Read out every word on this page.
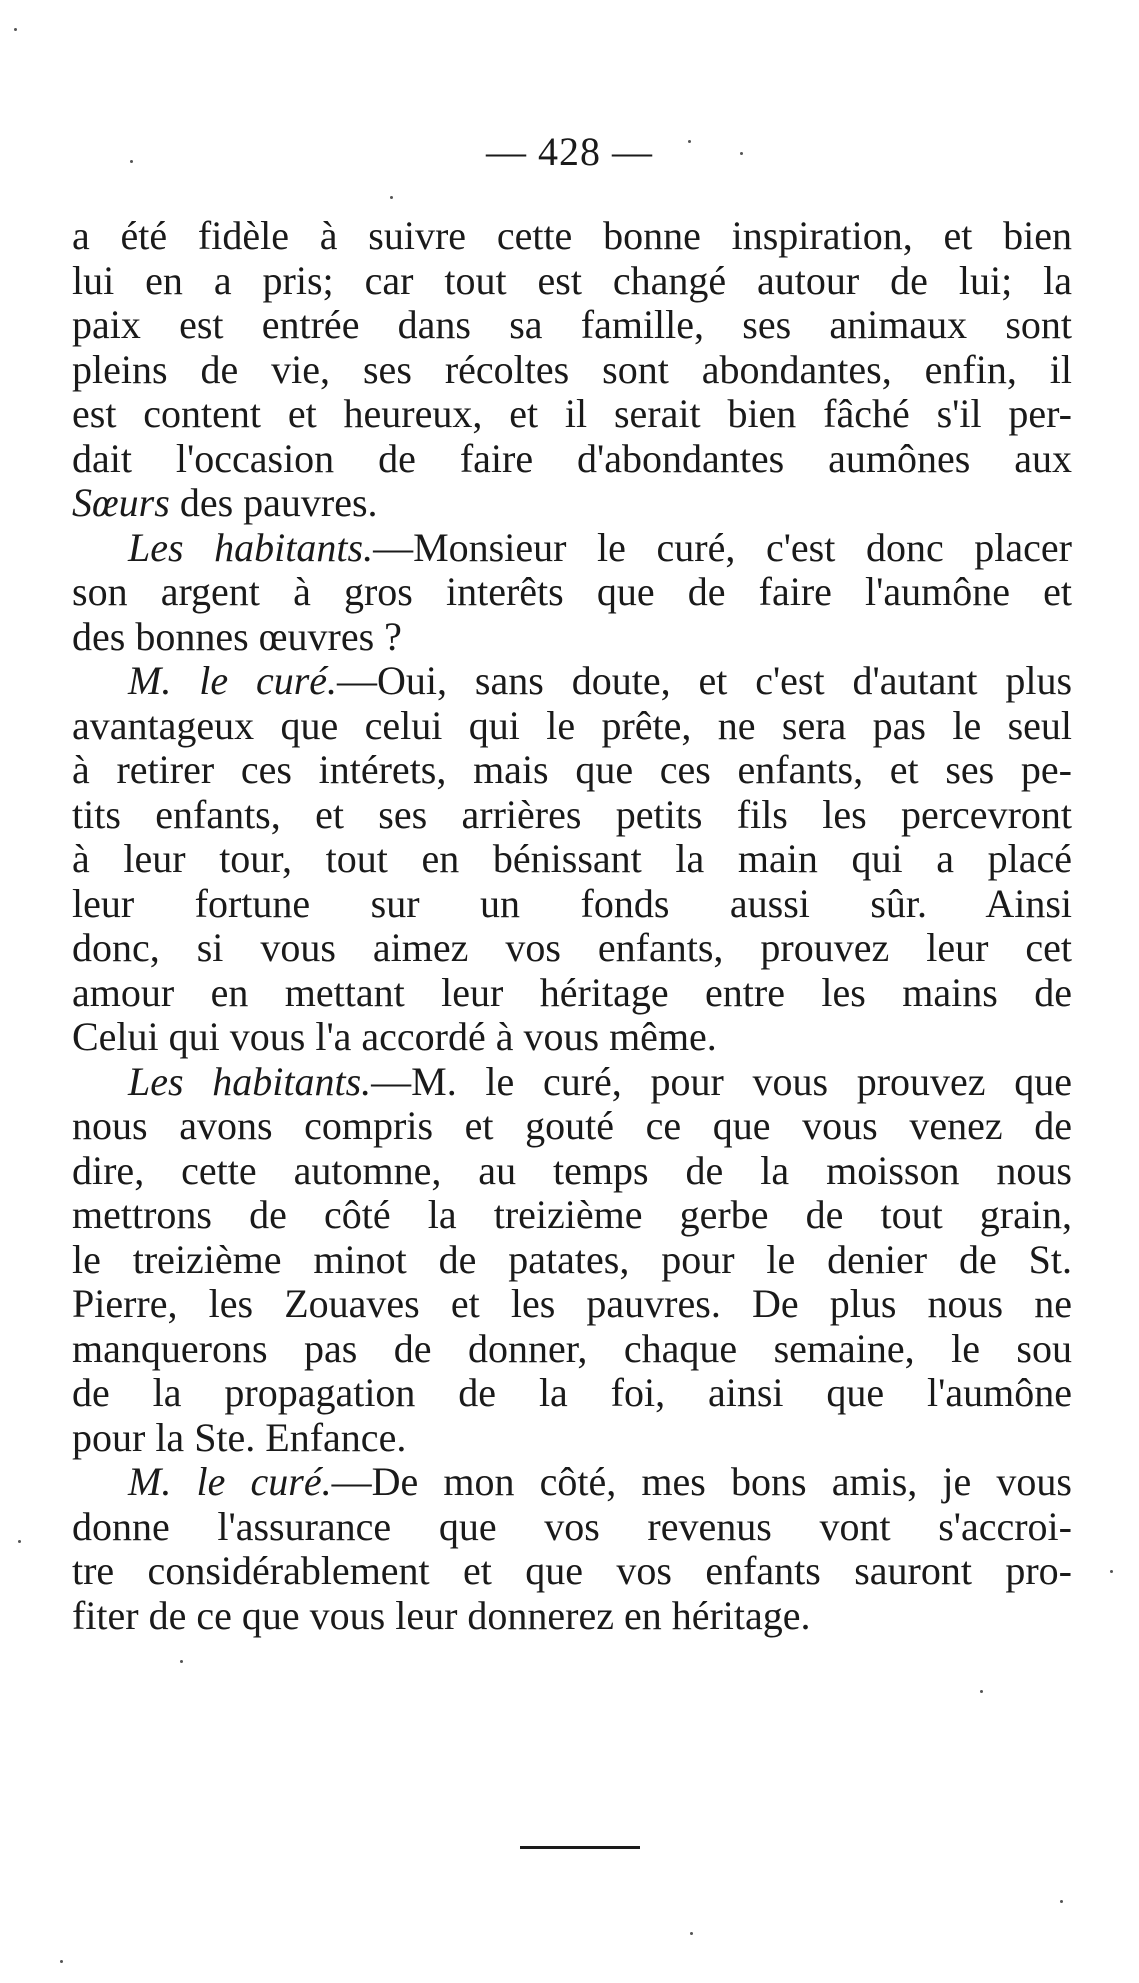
— 428 —
a été fidèle à suivre cette bonne inspiration, et bien
lui en a pris; car tout est changé autour de lui; la
paix est entrée dans sa famille, ses animaux sont
pleins de vie, ses récoltes sont abondantes, enfin, il
est content et heureux, et il serait bien fâché s'il per-
dait l'occasion de faire d'abondantes aumônes aux
Sœurs des pauvres.
Les habitants.—Monsieur le curé, c'est donc placer
son argent à gros interêts que de faire l'aumône et
des bonnes œuvres ?
M. le curé.—Oui, sans doute, et c'est d'autant plus
avantageux que celui qui le prête, ne sera pas le seul
à retirer ces intérets, mais que ces enfants, et ses pe-
tits enfants, et ses arrières petits fils les percevront
à leur tour, tout en bénissant la main qui a placé
leur fortune sur un fonds aussi sûr. Ainsi
donc, si vous aimez vos enfants, prouvez leur cet
amour en mettant leur héritage entre les mains de
Celui qui vous l'a accordé à vous même.
Les habitants.—M. le curé, pour vous prouvez que
nous avons compris et gouté ce que vous venez de
dire, cette automne, au temps de la moisson nous
mettrons de côté la treizième gerbe de tout grain,
le treizième minot de patates, pour le denier de St.
Pierre, les Zouaves et les pauvres. De plus nous ne
manquerons pas de donner, chaque semaine, le sou
de la propagation de la foi, ainsi que l'aumône
pour la Ste. Enfance.
M. le curé.—De mon côté, mes bons amis, je vous
donne l'assurance que vos revenus vont s'accroi-
tre considérablement et que vos enfants sauront pro-
fiter de ce que vous leur donnerez en héritage.
